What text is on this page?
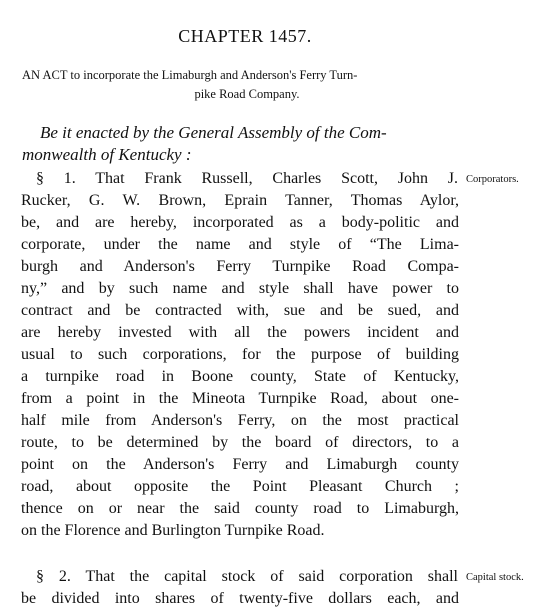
CHAPTER 1457.
AN ACT to incorporate the Limaburgh and Anderson's Ferry Turn-
pike Road Company.
Be it enacted by the General Assembly of the Com-
monwealth of Kentucky :
§ 1. That Frank Russell, Charles Scott, John J.
Rucker, G. W. Brown, Eprain Tanner, Thomas Aylor,
be, and are hereby, incorporated as a body-politic and
corporate, under the name and style of “The Lima-
burgh and Anderson's Ferry Turnpike Road Compa-
ny,” and by such name and style shall have power to
contract and be contracted with, sue and be sued, and
are hereby invested with all the powers incident and
usual to such corporations, for the purpose of building
a turnpike road in Boone county, State of Kentucky,
from a point in the Mineota Turnpike Road, about one-
half mile from Anderson's Ferry, on the most practical
route, to be determined by the board of directors, to a
point on the Anderson's Ferry and Limaburgh county
road, about opposite the Point Pleasant Church ;
thence on or near the said county road to Limaburgh,
on the Florence and Burlington Turnpike Road.
§ 2. That the capital stock of said corporation shall
be divided into shares of twenty-five dollars each, and
Corporators.
Capital stock.
